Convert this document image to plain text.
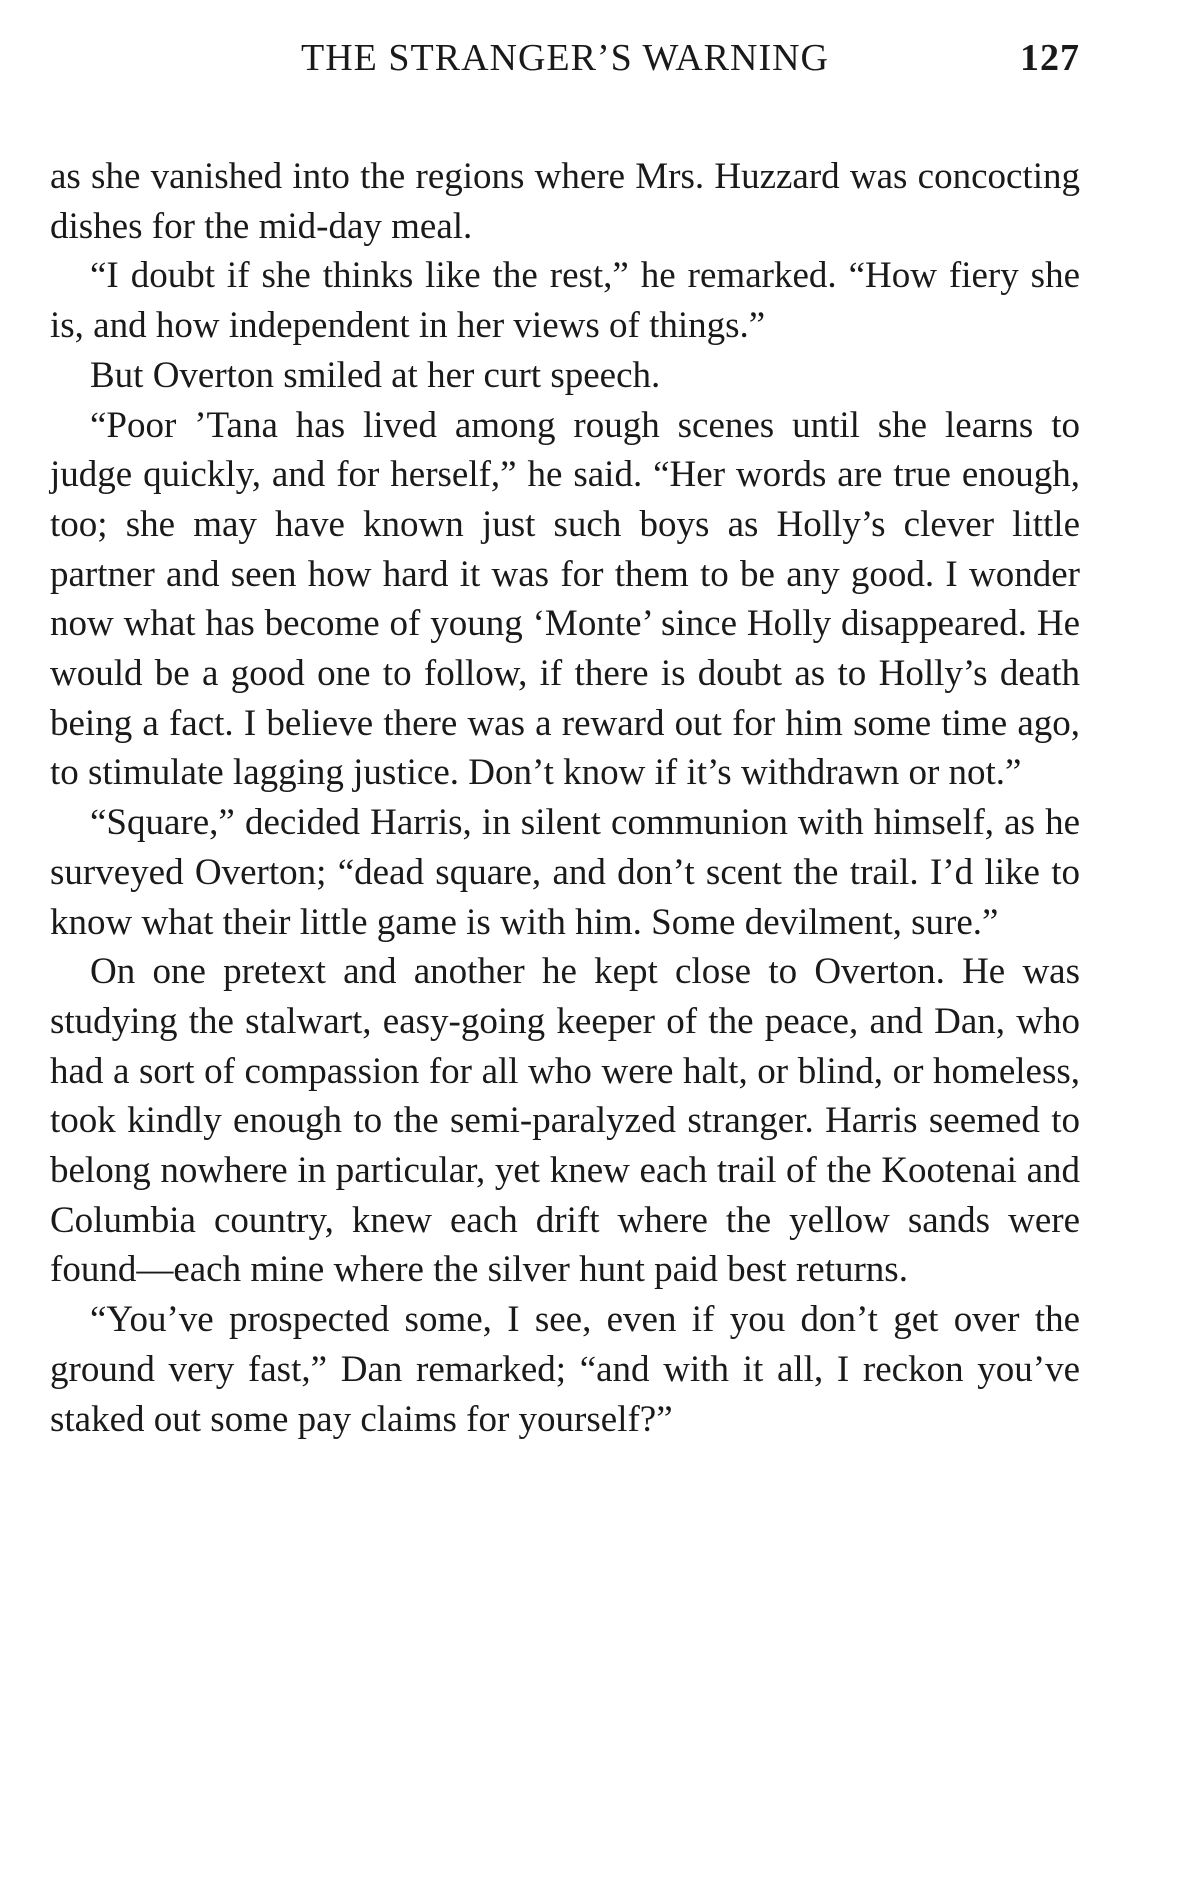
THE STRANGER’S WARNING	127

as she vanished into the regions where Mrs. Huzzard was concocting dishes for the mid-day meal.

“I doubt if she thinks like the rest,” he remarked. “How fiery she is, and how independent in her views of things.”

But Overton smiled at her curt speech.

“Poor ’Tana has lived among rough scenes until she learns to judge quickly, and for herself,” he said. “Her words are true enough, too; she may have known just such boys as Holly’s clever little partner and seen how hard it was for them to be any good. I wonder now what has become of young ‘Monte’ since Holly disappeared. He would be a good one to follow, if there is doubt as to Holly’s death being a fact. I believe there was a reward out for him some time ago, to stimulate lagging justice. Don’t know if it’s withdrawn or not.”

“Square,” decided Harris, in silent communion with himself, as he surveyed Overton; “dead square, and don’t scent the trail. I’d like to know what their little game is with him. Some devilment, sure.”

On one pretext and another he kept close to Overton. He was studying the stalwart, easy-going keeper of the peace, and Dan, who had a sort of compassion for all who were halt, or blind, or homeless, took kindly enough to the semi-paralyzed stranger. Harris seemed to belong nowhere in particular, yet knew each trail of the Kootenai and Columbia country, knew each drift where the yellow sands were found—each mine where the silver hunt paid best returns.

“You’ve prospected some, I see, even if you don’t get over the ground very fast,” Dan remarked; “and with it all, I reckon you’ve staked out some pay claims for yourself?”
